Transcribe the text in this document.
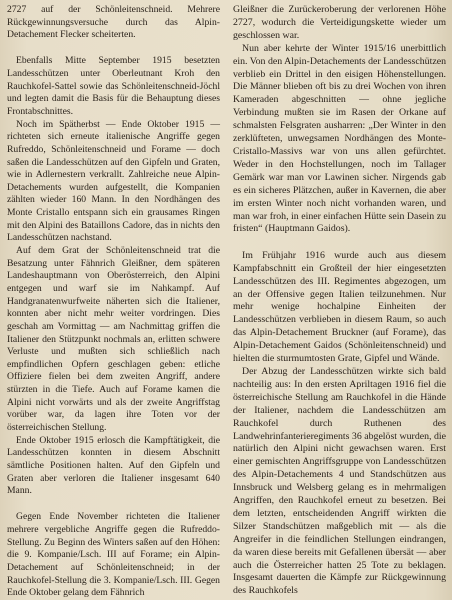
2727 auf der Schönleitenschneid. Mehrere Rückgewinnungsversuche durch das Alpin-Detachement Flecker scheiterten.

Ebenfalls Mitte September 1915 besetzten Landesschützen unter Oberleutnant Kroh den Rauchkofel-Sattel sowie das Schönleitenschneid-Jöchl und legten damit die Basis für die Behauptung dieses Frontabschnittes.

Noch im Spätherbst — Ende Oktober 1915 — richteten sich erneute italienische Angriffe gegen Rufreddo, Schönleitenschneid und Forame — doch saßen die Landesschützen auf den Gipfeln und Graten, wie in Adlernestern verkrallt. Zahlreiche neue Alpin-Detachements wurden aufgestellt, die Kompanien zählten wieder 160 Mann. In den Nordhängen des Monte Cristallo entspann sich ein grausames Ringen mit den Alpini des Bataillons Cadore, das in nichts den Landesschützen nachstand.

Auf dem Grat der Schönleitenschneid trat die Besatzung unter Fähnrich Gleißner, dem späteren Landeshauptmann von Oberösterreich, den Alpini entgegen und warf sie im Nahkampf. Auf Handgranatenwurfweite näherten sich die Italiener, konnten aber nicht mehr weiter vordringen. Dies geschah am Vormittag — am Nachmittag griffen die Italiener den Stützpunkt nochmals an, erlitten schwere Verluste und mußten sich schließlich nach empfindlichen Opfern geschlagen geben: etliche Offiziere fielen bei dem zweiten Angriff, andere stürzten in die Tiefe. Auch auf Forame kamen die Alpini nicht vorwärts und als der zweite Angriffstag vorüber war, da lagen ihre Toten vor der österreichischen Stellung.

Ende Oktober 1915 erlosch die Kampftätigkeit, die Landesschützen konnten in diesem Abschnitt sämtliche Positionen halten. Auf den Gipfeln und Graten aber verloren die Italiener insgesamt 640 Mann.

Gegen Ende November richteten die Italiener mehrere vergebliche Angriffe gegen die Rufreddo-Stellung. Zu Beginn des Winters saßen auf den Höhen: die 9. Kompanie/Lsch. III auf Forame; ein Alpin-Detachement auf Schönleitenschneid; in der Rauchkofel-Stellung die 3. Kompanie/Lsch. III. Gegen Ende Oktober gelang dem Fähnrich

Gleißner die Zurückeroberung der verlorenen Höhe 2727, wodurch die Verteidigungskette wieder um geschlossen war.

Nun aber kehrte der Winter 1915/16 unerbittlich ein. Von den Alpin-Detachements der Landesschützen verblieb ein Drittel in den eisigen Höhenstellungen. Die Männer blieben oft bis zu drei Wochen von ihren Kameraden abgeschnitten — ohne jegliche Verbindung mußten sie im Rasen der Orkane auf schmalsten Felsgraten ausharren: „Der Winter in den zerklüfteten, unwegsamen Nordhängen des Monte-Cristallo-Massivs war von uns allen gefürchtet. Weder in den Hochstellungen, noch im Tallager Gemärk war man vor Lawinen sicher. Nirgends gab es ein sicheres Plätzchen, außer in Kavernen, die aber im ersten Winter noch nicht vorhanden waren, und man war froh, in einer einfachen Hütte sein Dasein zu fristen“ (Hauptmann Gaidos).

Im Frühjahr 1916 wurde auch aus diesem Kampfabschnitt ein Großteil der hier eingesetzten Landesschützen des III. Regimentes abgezogen, um an der Offensive gegen Italien teilzunehmen. Nur mehr wenige hochalpine Einheiten der Landesschützen verblieben in diesem Raum, so auch das Alpin-Detachement Bruckner (auf Forame), das Alpin-Detachement Gaidos (Schönleitenschneid) und hielten die sturmumtosten Grate, Gipfel und Wände.

Der Abzug der Landesschützen wirkte sich bald nachteilig aus: In den ersten Apriltagen 1916 fiel die österreichische Stellung am Rauchkofel in die Hände der Italiener, nachdem die Landesschützen am Rauchkofel durch Ruthenen des Landwehrinfanterieregiments 36 abgelöst wurden, die natürlich den Alpini nicht gewachsen waren. Erst einer gemischten Angriffsgruppe von Landesschützen des Alpin-Detachements 4 und Standschützen aus Innsbruck und Welsberg gelang es in mehrmaligen Angriffen, den Rauchkofel erneut zu besetzen. Bei dem letzten, entscheidenden Angriff wirkten die Silzer Standschützen maßgeblich mit — als die Angreifer in die feindlichen Stellungen eindrangen, da waren diese bereits mit Gefallenen übersät — aber auch die Österreicher hatten 25 Tote zu beklagen. Insgesamt dauerten die Kämpfe zur Rückgewinnung des Rauchkofels
